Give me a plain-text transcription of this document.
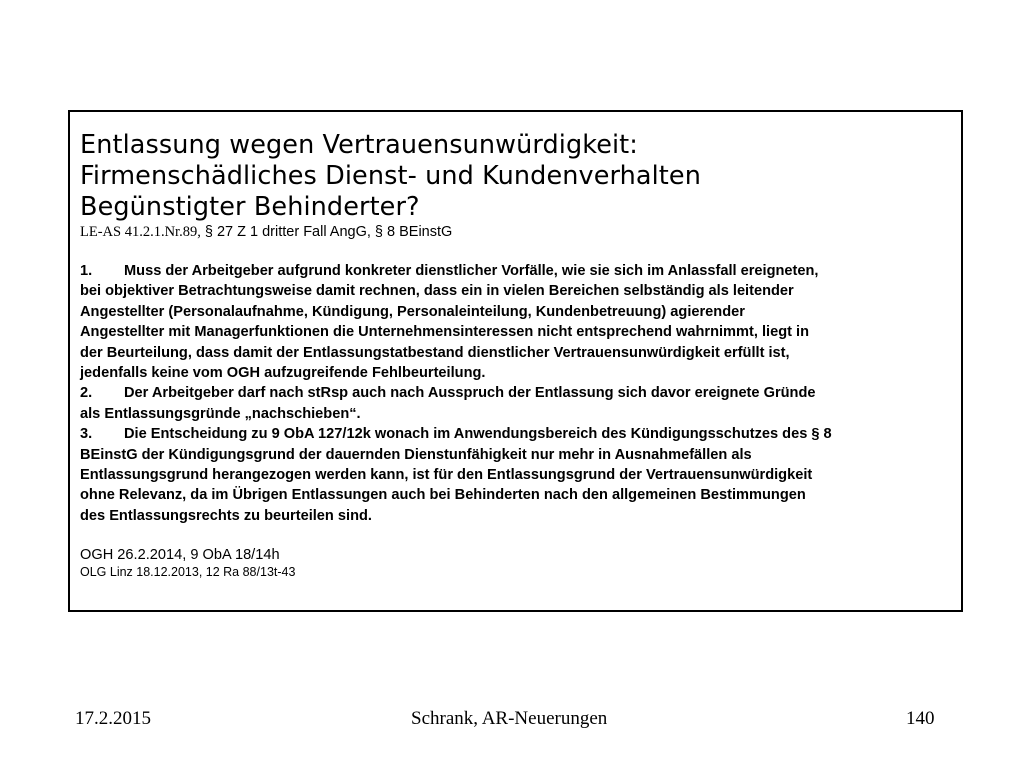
Entlassung wegen Vertrauensunwürdigkeit:

Firmenschädliches Dienst- und Kundenverhalten

Begünstigter Behinderter?

LE-AS 41.2.1.Nr.89, § 27 Z 1 dritter Fall AngG, § 8 BEinstG

1. Muss der Arbeitgeber aufgrund konkreter dienstlicher Vorfälle, wie sie sich im Anlassfall ereigneten,

bei objektiver Betrachtungsweise damit rechnen, dass ein in vielen Bereichen selbständig als leitender

Angestellter (Personalaufnahme, Kündigung, Personaleinteilung, Kundenbetreuung) agierender

Angestellter mit Managerfunktionen die Unternehmensinteressen nicht entsprechend wahrnimmt, liegt in

der Beurteilung, dass damit der Entlassungstatbestand dienstlicher Vertrauensunwürdigkeit erfüllt ist,

jedenfalls keine vom OGH aufzugreifende Fehlbeurteilung.

2. Der Arbeitgeber darf nach stRsp auch nach Ausspruch der Entlassung sich davor ereignete Gründe

als Entlassungsgründe „nachschieben“.

3. Die Entscheidung zu 9 ObA 127/12k wonach im Anwendungsbereich des Kündigungsschutzes des § 8

BEinstG der Kündigungsgrund der dauernden Dienstunfähigkeit nur mehr in Ausnahmefällen als

Entlassungsgrund herangezogen werden kann, ist für den Entlassungsgrund der Vertrauensunwürdigkeit

ohne Relevanz, da im Übrigen Entlassungen auch bei Behinderten nach den allgemeinen Bestimmungen

des Entlassungsrechts zu beurteilen sind.

OGH 26.2.2014, 9 ObA 18/14h

OLG Linz 18.12.2013, 12 Ra 88/13t-43

17.2.2015	Schrank, AR-Neuerungen	140
